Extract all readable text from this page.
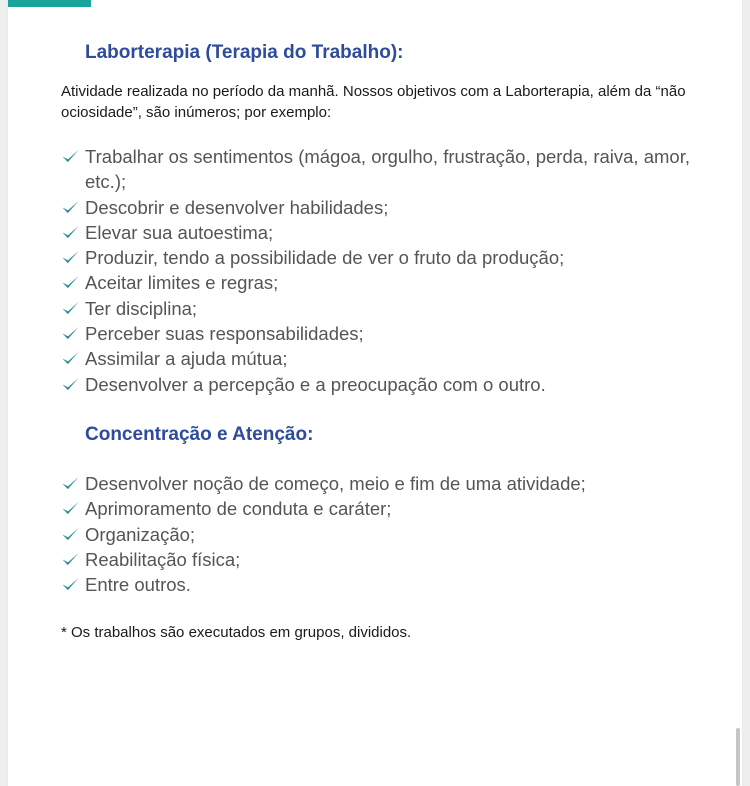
Laborterapia (Terapia do Trabalho):

Atividade realizada no período da manhã. Nossos objetivos com a Laborterapia, além da “não ociosidade”, são inúmeros; por exemplo:

Trabalhar os sentimentos (mágoa, orgulho, frustração, perda, raiva, amor, etc.);
Descobrir e desenvolver habilidades;
Elevar sua autoestima;
Produzir, tendo a possibilidade de ver o fruto da produção;
Aceitar limites e regras;
Ter disciplina;
Perceber suas responsabilidades;
Assimilar a ajuda mútua;
Desenvolver a percepção e a preocupação com o outro.
Concentração e Atenção:
Desenvolver noção de começo, meio e fim de uma atividade;
Aprimoramento de conduta e caráter;
Organização;
Reabilitação física;
Entre outros.

* Os trabalhos são executados em grupos, divididos.
